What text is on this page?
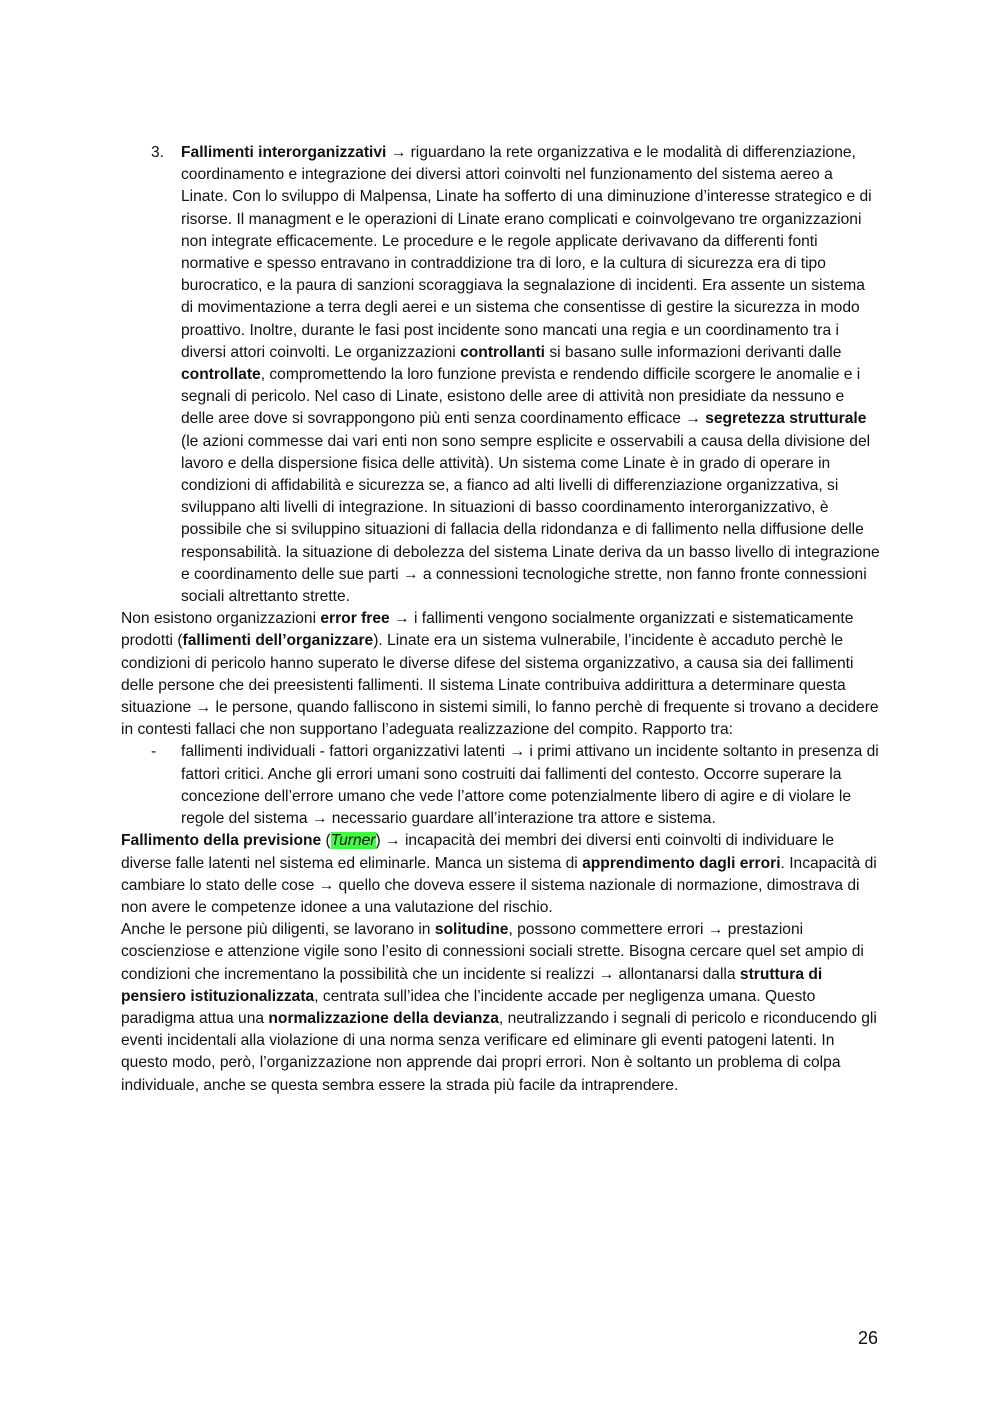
3. Fallimenti interorganizzativi → riguardano la rete organizzativa e le modalità di differenziazione, coordinamento e integrazione dei diversi attori coinvolti nel funzionamento del sistema aereo a Linate. Con lo sviluppo di Malpensa, Linate ha sofferto di una diminuzione d’interesse strategico e di risorse. Il managment e le operazioni di Linate erano complicati e coinvolgevano tre organizzazioni non integrate efficacemente. Le procedure e le regole applicate derivavano da differenti fonti normative e spesso entravano in contraddizione tra di loro, e la cultura di sicurezza era di tipo burocratico, e la paura di sanzioni scoraggiava la segnalazione di incidenti. Era assente un sistema di movimentazione a terra degli aerei e un sistema che consentisse di gestire la sicurezza in modo proattivo. Inoltre, durante le fasi post incidente sono mancati una regia e un coordinamento tra i diversi attori coinvolti. Le organizzazioni controllanti si basano sulle informazioni derivanti dalle controllate, compromettendo la loro funzione prevista e rendendo difficile scorgere le anomalie e i segnali di pericolo. Nel caso di Linate, esistono delle aree di attività non presidiate da nessuno e delle aree dove si sovrappongono più enti senza coordinamento efficace → segretezza strutturale (le azioni commesse dai vari enti non sono sempre esplicite e osservabili a causa della divisione del lavoro e della dispersione fisica delle attività). Un sistema come Linate è in grado di operare in condizioni di affidabilità e sicurezza se, a fianco ad alti livelli di differenziazione organizzativa, si sviluppano alti livelli di integrazione. In situazioni di basso coordinamento interorganizzativo, è possibile che si sviluppino situazioni di fallacia della ridondanza e di fallimento nella diffusione delle responsabilità. la situazione di debolezza del sistema Linate deriva da un basso livello di integrazione e coordinamento delle sue parti → a connessioni tecnologiche strette, non fanno fronte connessioni sociali altrettanto strette.

Non esistono organizzazioni error free → i fallimenti vengono socialmente organizzati e sistematicamente prodotti (fallimenti dell’organizzare). Linate era un sistema vulnerabile, l’incidente è accaduto perchè le condizioni di pericolo hanno superato le diverse difese del sistema organizzativo, a causa sia dei fallimenti delle persone che dei preesistenti fallimenti. Il sistema Linate contribuiva addirittura a determinare questa situazione → le persone, quando falliscono in sistemi simili, lo fanno perchè di frequente si trovano a decidere in contesti fallaci che non supportano l’adeguata realizzazione del compito. Rapporto tra:

- fallimenti individuali - fattori organizzativi latenti → i primi attivano un incidente soltanto in presenza di fattori critici. Anche gli errori umani sono costruiti dai fallimenti del contesto. Occorre superare la concezione dell’errore umano che vede l’attore come potenzialmente libero di agire e di violare le regole del sistema → necessario guardare all’interazione tra attore e sistema.

Fallimento della previsione (Turner) → incapacità dei membri dei diversi enti coinvolti di individuare le diverse falle latenti nel sistema ed eliminarle. Manca un sistema di apprendimento dagli errori. Incapacità di cambiare lo stato delle cose → quello che doveva essere il sistema nazionale di normazione, dimostrava di non avere le competenze idonee a una valutazione del rischio.

Anche le persone più diligenti, se lavorano in solitudine, possono commettere errori → prestazioni coscienziose e attenzione vigile sono l’esito di connessioni sociali strette. Bisogna cercare quel set ampio di condizioni che incrementano la possibilità che un incidente si realizzi → allontanarsi dalla struttura di pensiero istituzionalizzata, centrata sull’idea che l’incidente accade per negligenza umana. Questo paradigma attua una normalizzazione della devianza, neutralizzando i segnali di pericolo e riconducendo gli eventi incidentali alla violazione di una norma senza verificare ed eliminare gli eventi patogeni latenti. In questo modo, però, l’organizzazione non apprende dai propri errori. Non è soltanto un problema di colpa individuale, anche se questa sembra essere la strada più facile da intraprendere.

26
